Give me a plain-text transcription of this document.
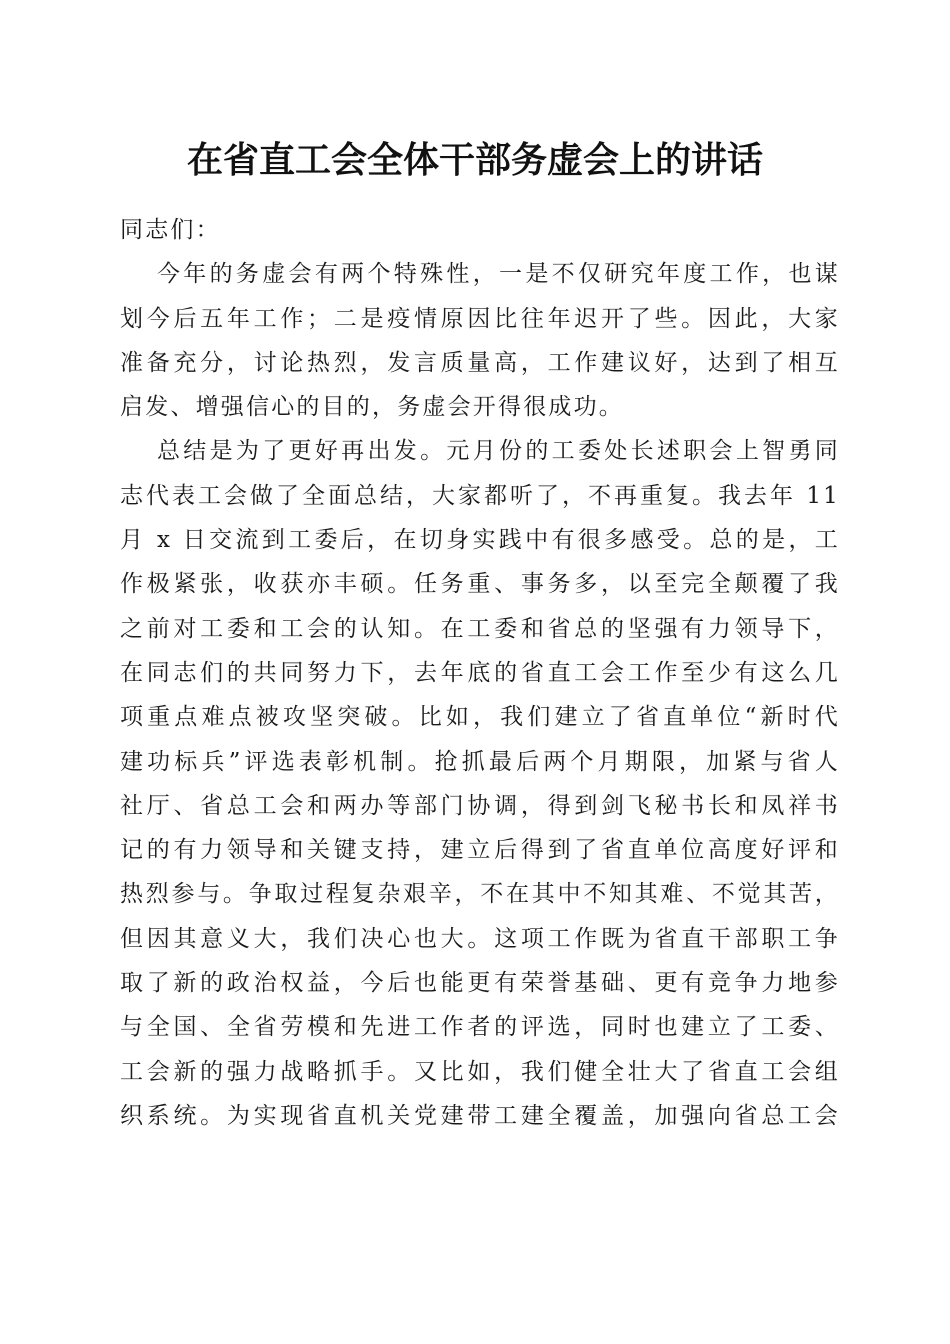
在省直工会全体干部务虚会上的讲话
同志们：
今年的务虚会有两个特殊性，一是不仅研究年度工作，也谋
划今后五年工作；二是疫情原因比往年迟开了些。因此，大家
准备充分，讨论热烈，发言质量高，工作建议好，达到了相互
启发、增强信心的目的，务虚会开得很成功。
总结是为了更好再出发。元月份的工委处长述职会上智勇同
志代表工会做了全面总结，大家都听了，不再重复。我去年 11
月 x 日交流到工委后，在切身实践中有很多感受。总的是，工
作极紧张，收获亦丰硕。任务重、事务多，以至完全颠覆了我
之前对工委和工会的认知。在工委和省总的坚强有力领导下，
在同志们的共同努力下，去年底的省直工会工作至少有这么几
项重点难点被攻坚突破。比如，我们建立了省直单位“新时代
建功标兵”评选表彰机制。抢抓最后两个月期限，加紧与省人
社厅、省总工会和两办等部门协调，得到剑飞秘书长和凤祥书
记的有力领导和关键支持，建立后得到了省直单位高度好评和
热烈参与。争取过程复杂艰辛，不在其中不知其难、不觉其苦，
但因其意义大，我们决心也大。这项工作既为省直干部职工争
取了新的政治权益，今后也能更有荣誉基础、更有竞争力地参
与全国、全省劳模和先进工作者的评选，同时也建立了工委、
工会新的强力战略抓手。又比如，我们健全壮大了省直工会组
织系统。为实现省直机关党建带工建全覆盖，加强向省总工会
